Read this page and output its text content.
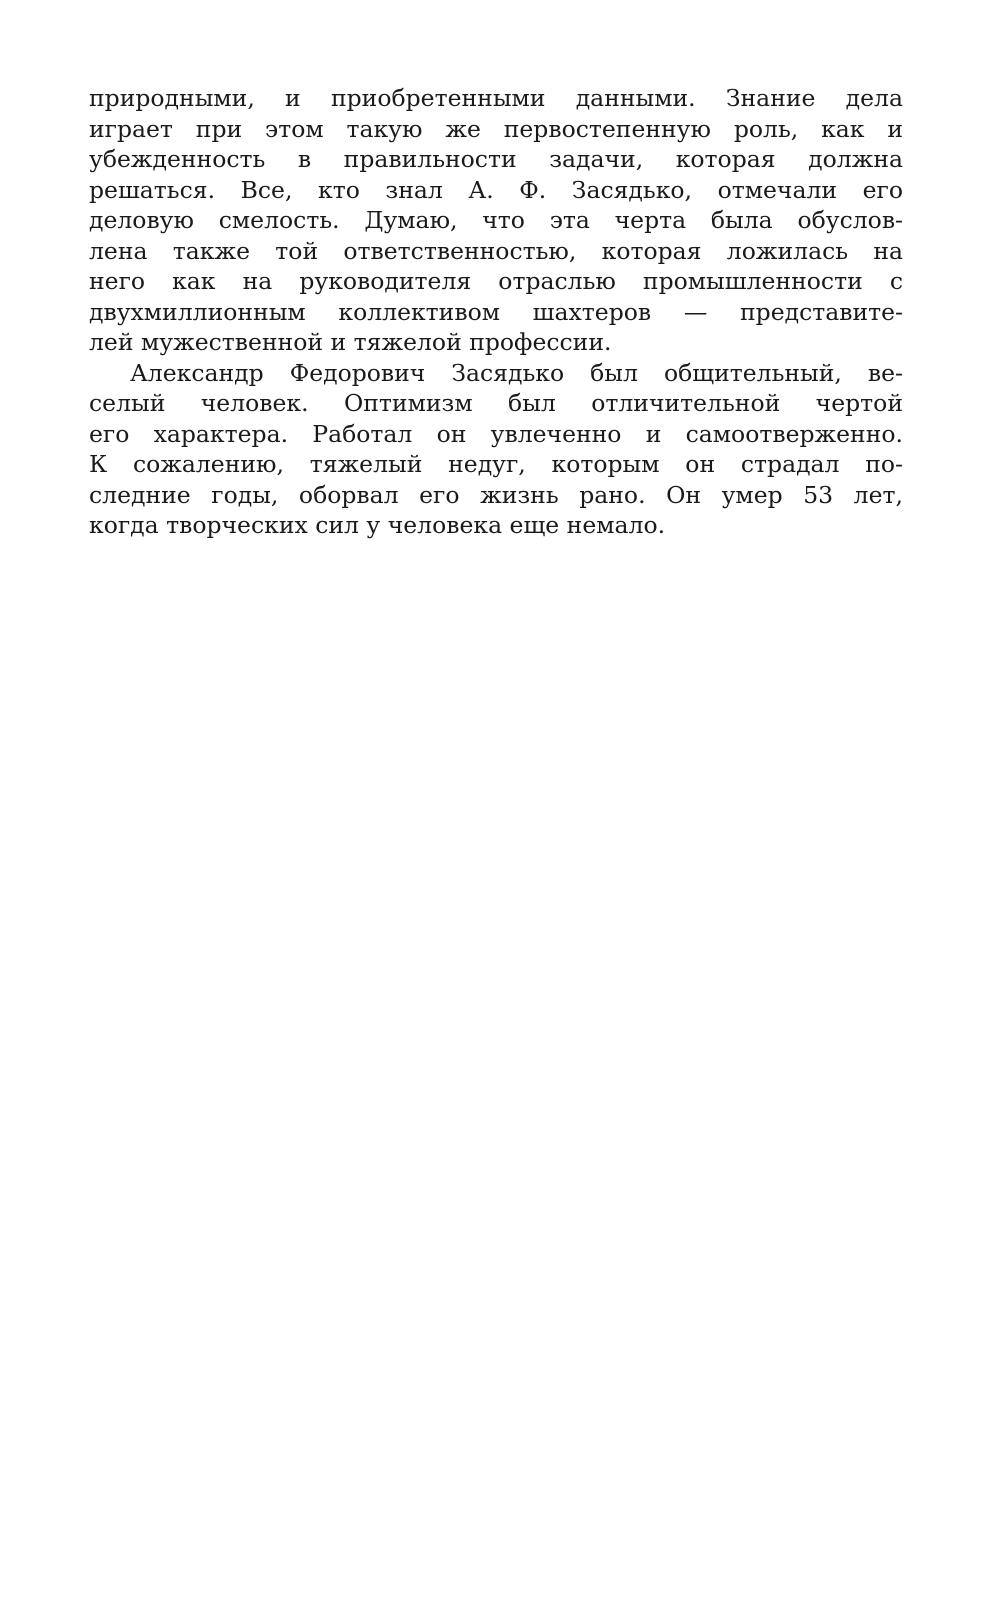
природными, и приобретенными данными. Знание дела
играет при этом такую же первостепенную роль, как и
убежденность в правильности задачи, которая должна
решаться. Все, кто знал А. Ф. Засядько, отмечали его
деловую смелость. Думаю, что эта черта была обуслов-
лена также той ответственностью, которая ложилась на
него как на руководителя отраслью промышленности с
двухмиллионным коллективом шахтеров — представите-
лей мужественной и тяжелой профессии.
Александр Федорович Засядько был общительный, ве-
селый человек. Оптимизм был отличительной чертой
его характера. Работал он увлеченно и самоотверженно.
К сожалению, тяжелый недуг, которым он страдал по-
следние годы, оборвал его жизнь рано. Он умер 53 лет,
когда творческих сил у человека еще немало.
